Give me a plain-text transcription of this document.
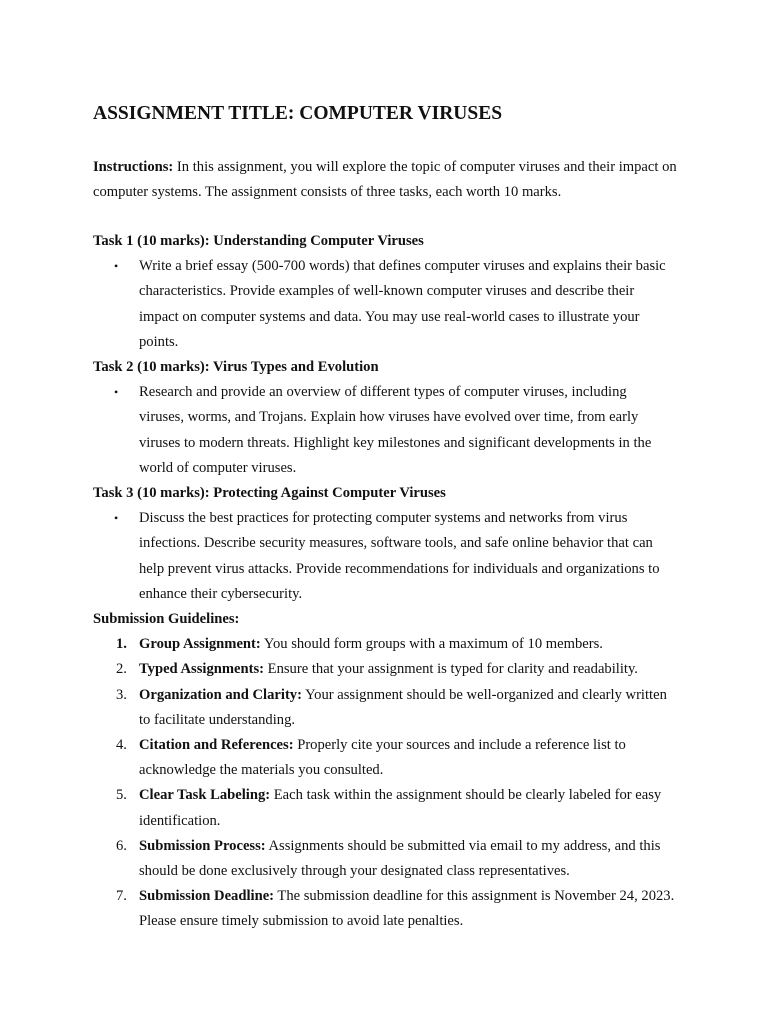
ASSIGNMENT TITLE: COMPUTER VIRUSES

Instructions: In this assignment, you will explore the topic of computer viruses and their impact on computer systems. The assignment consists of three tasks, each worth 10 marks.

Task 1 (10 marks): Understanding Computer Viruses

• Write a brief essay (500-700 words) that defines computer viruses and explains their basic characteristics. Provide examples of well-known computer viruses and describe their impact on computer systems and data. You may use real-world cases to illustrate your points.

Task 2 (10 marks): Virus Types and Evolution

• Research and provide an overview of different types of computer viruses, including viruses, worms, and Trojans. Explain how viruses have evolved over time, from early viruses to modern threats. Highlight key milestones and significant developments in the world of computer viruses.

Task 3 (10 marks): Protecting Against Computer Viruses

• Discuss the best practices for protecting computer systems and networks from virus infections. Describe security measures, software tools, and safe online behavior that can help prevent virus attacks. Provide recommendations for individuals and organizations to enhance their cybersecurity.

Submission Guidelines:

1. Group Assignment: You should form groups with a maximum of 10 members.
2. Typed Assignments: Ensure that your assignment is typed for clarity and readability.
3. Organization and Clarity: Your assignment should be well-organized and clearly written to facilitate understanding.
4. Citation and References: Properly cite your sources and include a reference list to acknowledge the materials you consulted.
5. Clear Task Labeling: Each task within the assignment should be clearly labeled for easy identification.
6. Submission Process: Assignments should be submitted via email to my address, and this should be done exclusively through your designated class representatives.
7. Submission Deadline: The submission deadline for this assignment is November 24, 2023. Please ensure timely submission to avoid late penalties.
